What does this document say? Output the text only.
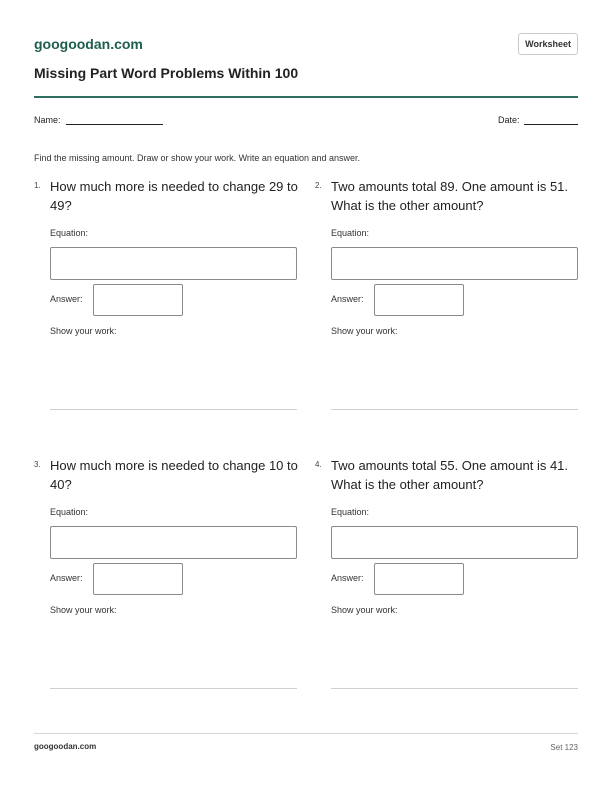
googoodan.com	Worksheet
Missing Part Word Problems Within 100
Name:	Date:
Find the missing amount. Draw or show your work. Write an equation and answer.
1. How much more is needed to change 29 to 49?
Equation:
Answer:
Show your work:
2. Two amounts total 89. One amount is 51. What is the other amount?
Equation:
Answer:
Show your work:
3. How much more is needed to change 10 to 40?
Equation:
Answer:
Show your work:
4. Two amounts total 55. One amount is 41. What is the other amount?
Equation:
Answer:
Show your work:
googoodan.com	Set 123
